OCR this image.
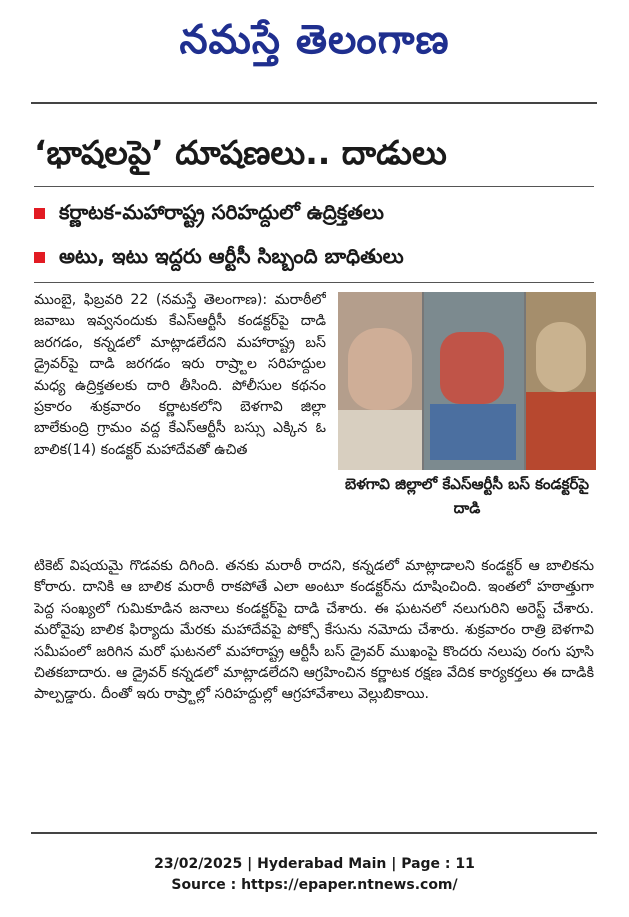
నమస్తే తెలంగాణ
‘భాషలపై’ దూషణలు.. దాడులు
కర్ణాటక-మహారాష్ట్ర సరిహద్దులో ఉద్రిక్తతలు
అటు, ఇటు ఇద్దరు ఆర్టీసీ సిబ్బంది బాధితులు
ముంబై, ఫిబ్రవరి 22 (నమస్తే తెలంగాణ): మరాఠీలో జవాబు ఇవ్వనందుకు కేఎస్‌ఆర్టీసీ కండక్టర్‌పై దాడి జరగడం, కన్నడలో మాట్లాడలేదని మహారాష్ట్ర బస్ డ్రైవర్‌పై దాడి జరగడం ఇరు రాష్ర్టాల సరిహద్దుల మధ్య ఉద్రిక్తతలకు దారి తీసింది. పోలీసుల కథనం ప్రకారం శుక్రవారం కర్ణాటకలోని బెళగావి జిల్లా బాలేకుంద్రి గ్రామం వద్ద కేఎస్‌ఆర్టీసీ బస్సు ఎక్కిన ఓ బాలిక(14) కండక్టర్ మహాదేవతో ఉచిత
బెళగావి జిల్లాలో కేఎస్‌ఆర్టీసీ బస్ కండక్టర్‌పై దాడి
టికెట్ విషయమై గొడవకు దిగింది. తనకు మరాఠీ రాదని, కన్నడలో మాట్లాడాలని కండక్టర్ ఆ బాలికను కోరారు. దానికి ఆ బాలిక మరాఠీ రాకపోతే ఎలా అంటూ కండక్టర్‌ను దూషించింది. ఇంతలో హఠాత్తుగా పెద్ద సంఖ్యలో గుమికూడిన జనాలు కండక్టర్‌పై దాడి చేశారు. ఈ ఘటనలో నలుగురిని అరెస్ట్ చేశారు. మరోవైపు బాలిక ఫిర్యాదు మేరకు మహాదేవపై పోక్సో కేసును నమోదు చేశారు. శుక్రవారం రాత్రి బెళగావి సమీపంలో జరిగిన మరో ఘటనలో మహారాష్ట్ర ఆర్టీసీ బస్ డ్రైవర్ ముఖంపై కొందరు నలుపు రంగు పూసి చితకబాదారు. ఆ డ్రైవర్ కన్నడలో మాట్లాడలేదని ఆగ్రహించిన కర్ణాటక రక్షణ వేదిక కార్యకర్తలు ఈ దాడికి పాల్పడ్డారు. దీంతో ఇరు రాష్ర్టాల్లో సరిహద్దుల్లో ఆగ్రహావేశాలు వెల్లుబికాయి.
23/02/2025 | Hyderabad Main | Page : 11
Source : https://epaper.ntnews.com/
